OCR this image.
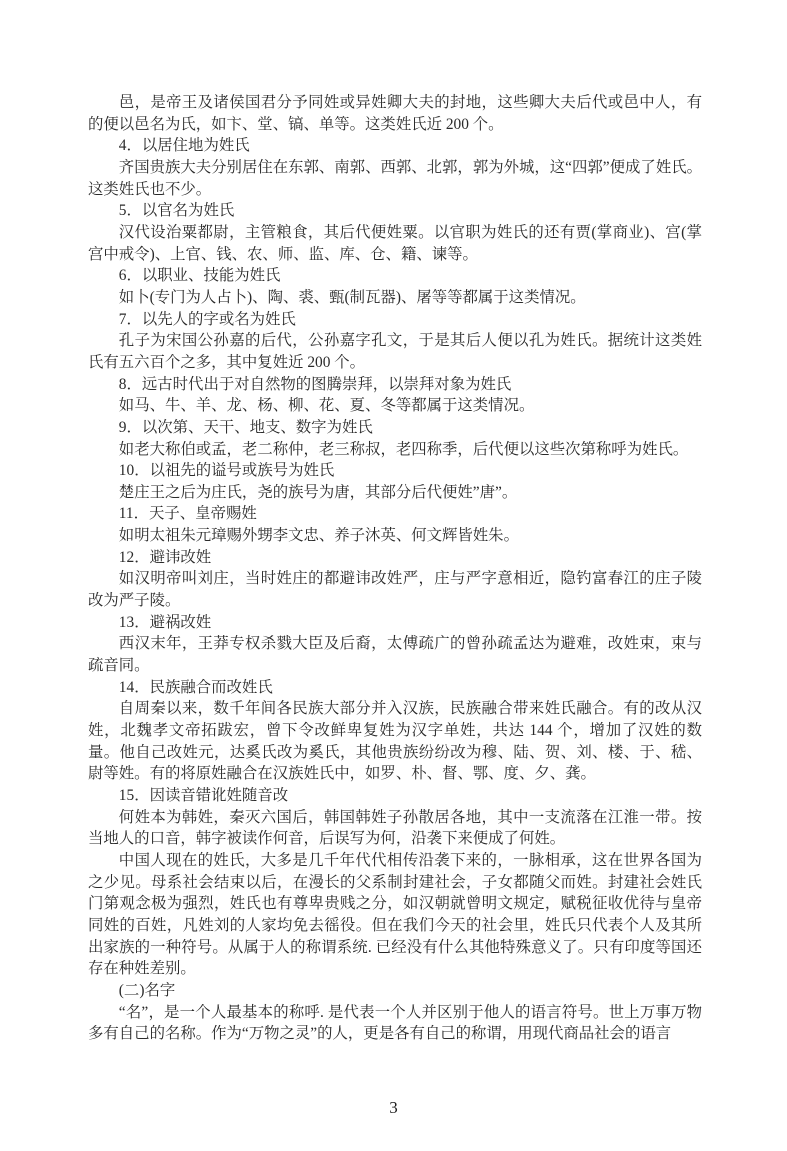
邑，是帝王及诸侯国君分予同姓或异姓卿大夫的封地，这些卿大夫后代或邑中人，有的便以邑名为氏，如卞、堂、镐、单等。这类姓氏近 200 个。

4．以居住地为姓氏

齐国贵族大夫分别居住在东郭、南郭、西郭、北郭，郭为外城，这“四郭”便成了姓氏。这类姓氏也不少。

5．以官名为姓氏

汉代设治粟都尉，主管粮食，其后代便姓粟。以官职为姓氏的还有贾(掌商业)、宫(掌宫中戒令)、上官、钱、农、师、监、库、仓、籍、谏等。

6．以职业、技能为姓氏

如卜(专门为人占卜)、陶、裘、甄(制瓦器)、屠等等都属于这类情况。

7．以先人的字或名为姓氏

孔子为宋国公孙嘉的后代，公孙嘉字孔文，于是其后人便以孔为姓氏。据统计这类姓氏有五六百个之多，其中复姓近 200 个。

8．远古时代出于对自然物的图腾崇拜，以崇拜对象为姓氏

如马、牛、羊、龙、杨、柳、花、夏、冬等都属于这类情况。

9．以次第、天干、地支、数字为姓氏

如老大称伯或孟，老二称仲，老三称叔，老四称季，后代便以这些次第称呼为姓氏。

10．以祖先的谥号或族号为姓氏

楚庄王之后为庄氏，尧的族号为唐，其部分后代便姓”唐”。

11．天子、皇帝赐姓

如明太祖朱元璋赐外甥李文忠、养子沐英、何文辉皆姓朱。

12．避讳改姓

如汉明帝叫刘庄，当时姓庄的都避讳改姓严，庄与严字意相近，隐钓富春江的庄子陵改为严子陵。

13．避祸改姓

西汉末年，王莽专权杀戮大臣及后裔，太傅疏广的曾孙疏孟达为避难，改姓束，束与疏音同。

14．民族融合而改姓氏

自周秦以来，数千年间各民族大部分并入汉族，民族融合带来姓氏融合。有的改从汉姓，北魏孝文帝拓跋宏，曾下令改鲜卑复姓为汉字单姓，共达 144 个，增加了汉姓的数量。他自己改姓元，达奚氏改为奚氏，其他贵族纷纷改为穆、陆、贺、刘、楼、于、嵇、尉等姓。有的将原姓融合在汉族姓氏中，如罗、朴、督、鄂、度、夕、龚。

15．因读音错讹姓随音改

何姓本为韩姓，秦灭六国后，韩国韩姓子孙散居各地，其中一支流落在江淮一带。按当地人的口音，韩字被读作何音，后误写为何，沿袭下来便成了何姓。

中国人现在的姓氏，大多是几千年代代相传沿袭下来的，一脉相承，这在世界各国为之少见。母系社会结束以后，在漫长的父系制封建社会，子女都随父而姓。封建社会姓氏门第观念极为强烈，姓氏也有尊卑贵贱之分，如汉朝就曾明文规定，赋税征收优待与皇帝同姓的百姓，凡姓刘的人家均免去徭役。但在我们今天的社会里，姓氏只代表个人及其所出家族的一种符号。从属于人的称谓系统. 已经没有什么其他特殊意义了。只有印度等国还存在种姓差别。

(二)名字

“名”，是一个人最基本的称呼. 是代表一个人并区别于他人的语言符号。世上万事万物多有自己的名称。作为“万物之灵”的人，更是各有自己的称谓，用现代商品社会的语言

3
